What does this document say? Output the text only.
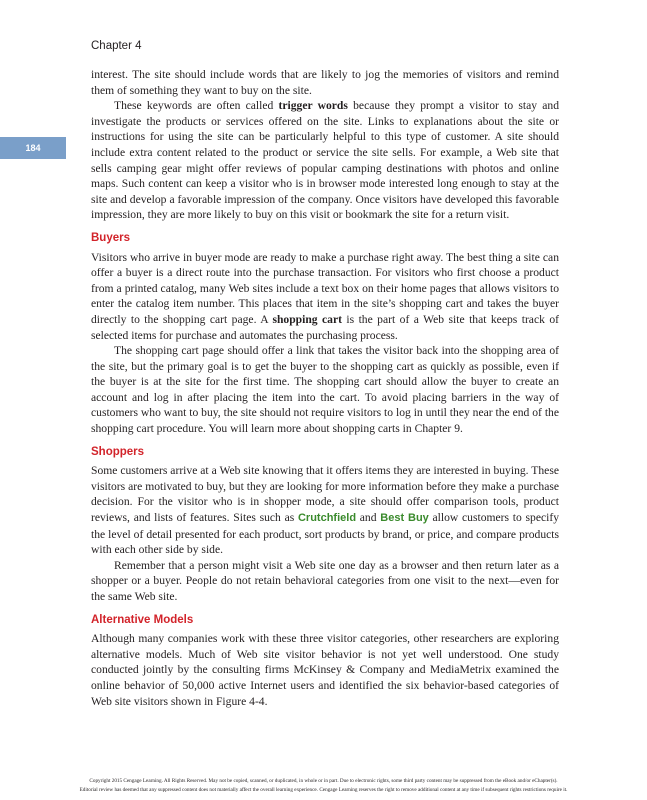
Chapter 4
184

interest. The site should include words that are likely to jog the memories of visitors and remind them of something they want to buy on the site.

These keywords are often called trigger words because they prompt a visitor to stay and investigate the products or services offered on the site. Links to explanations about the site or instructions for using the site can be particularly helpful to this type of customer. A site should include extra content related to the product or service the site sells. For example, a Web site that sells camping gear might offer reviews of popular camping destinations with photos and online maps. Such content can keep a visitor who is in browser mode interested long enough to stay at the site and develop a favorable impression of the company. Once visitors have developed this favorable impression, they are more likely to buy on this visit or bookmark the site for a return visit.

Buyers

Visitors who arrive in buyer mode are ready to make a purchase right away. The best thing a site can offer a buyer is a direct route into the purchase transaction. For visitors who first choose a product from a printed catalog, many Web sites include a text box on their home pages that allows visitors to enter the catalog item number. This places that item in the site’s shopping cart and takes the buyer directly to the shopping cart page. A shopping cart is the part of a Web site that keeps track of selected items for purchase and automates the purchasing process.

The shopping cart page should offer a link that takes the visitor back into the shopping area of the site, but the primary goal is to get the buyer to the shopping cart as quickly as possible, even if the buyer is at the site for the first time. The shopping cart should allow the buyer to create an account and log in after placing the item into the cart. To avoid placing barriers in the way of customers who want to buy, the site should not require visitors to log in until they near the end of the shopping cart procedure. You will learn more about shopping carts in Chapter 9.

Shoppers

Some customers arrive at a Web site knowing that it offers items they are interested in buying. These visitors are motivated to buy, but they are looking for more information before they make a purchase decision. For the visitor who is in shopper mode, a site should offer comparison tools, product reviews, and lists of features. Sites such as Crutchfield and Best Buy allow customers to specify the level of detail presented for each product, sort products by brand, or price, and compare products with each other side by side.

Remember that a person might visit a Web site one day as a browser and then return later as a shopper or a buyer. People do not retain behavioral categories from one visit to the next—even for the same Web site.

Alternative Models

Although many companies work with these three visitor categories, other researchers are exploring alternative models. Much of Web site visitor behavior is not yet well understood. One study conducted jointly by the consulting firms McKinsey & Company and MediaMetrix examined the online behavior of 50,000 active Internet users and identified the six behavior-based categories of Web site visitors shown in Figure 4-4.

Copyright 2015 Cengage Learning. All Rights Reserved. May not be copied, scanned, or duplicated, in whole or in part. Due to electronic rights, some third party content may be suppressed from the eBook and/or eChapter(s).
Editorial review has deemed that any suppressed content does not materially affect the overall learning experience. Cengage Learning reserves the right to remove additional content at any time if subsequent rights restrictions require it.
